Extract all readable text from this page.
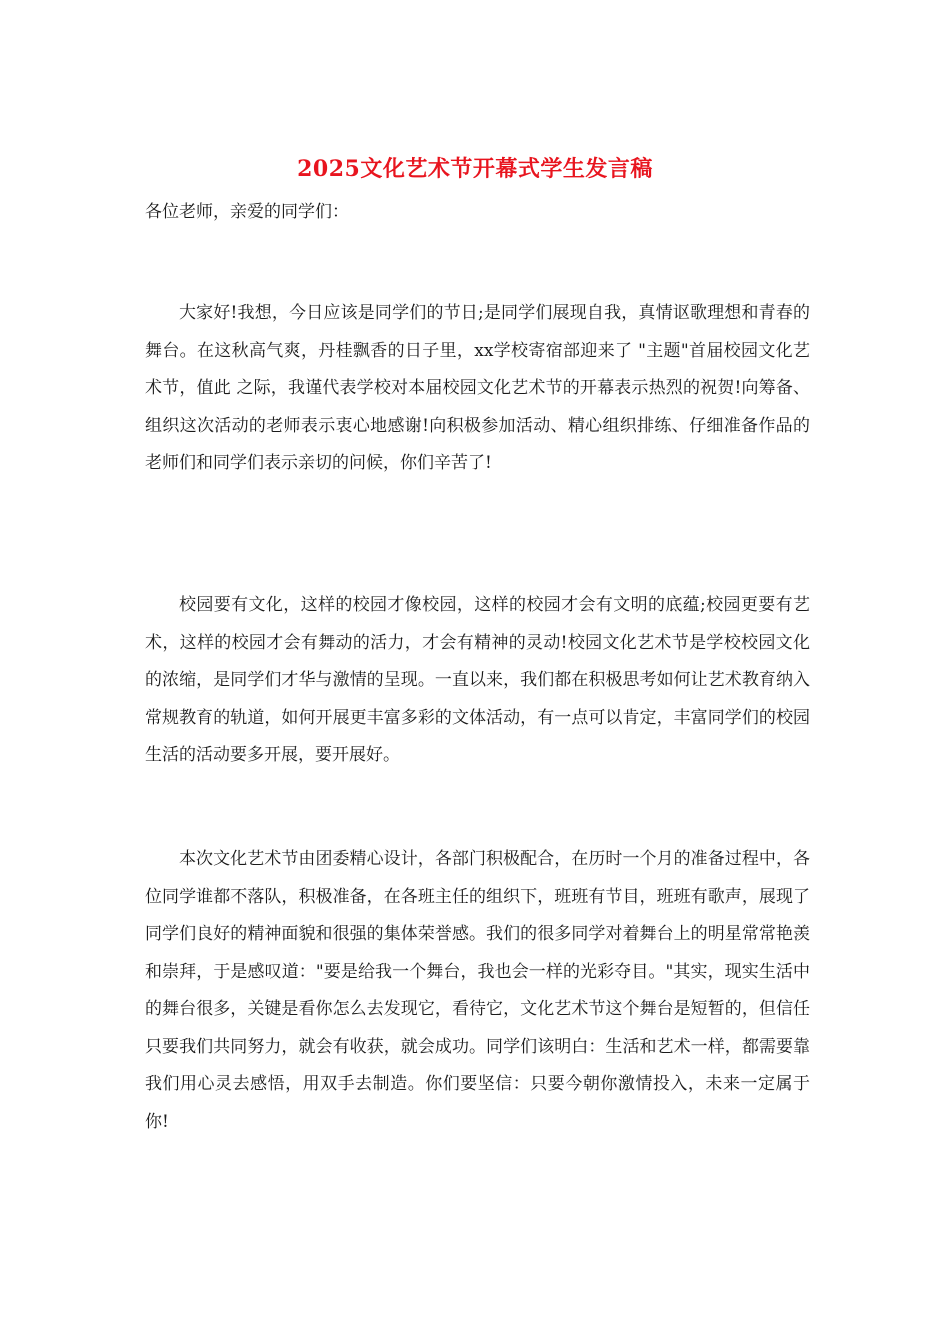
2025文化艺术节开幕式学生发言稿
各位老师，亲爱的同学们：

大家好!我想，今日应该是同学们的节日;是同学们展现自我，真情讴歌理想和青春的舞台。在这秋高气爽，丹桂飘香的日子里，xx学校寄宿部迎来了 "主题"首届校园文化艺术节，值此 之际，我谨代表学校对本届校园文化艺术节的开幕表示热烈的祝贺!向筹备、组织这次活动的老师表示衷心地感谢!向积极参加活动、精心组织排练、仔细准备作品的老师们和同学们表示亲切的问候，你们辛苦了!

校园要有文化，这样的校园才像校园，这样的校园才会有文明的底蕴;校园更要有艺术，这样的校园才会有舞动的活力，才会有精神的灵动!校园文化艺术节是学校校园文化的浓缩，是同学们才华与激情的呈现。一直以来，我们都在积极思考如何让艺术教育纳入常规教育的轨道，如何开展更丰富多彩的文体活动，有一点可以肯定，丰富同学们的校园生活的活动要多开展，要开展好。

本次文化艺术节由团委精心设计，各部门积极配合，在历时一个月的准备过程中，各位同学谁都不落队，积极准备，在各班主任的组织下，班班有节目，班班有歌声，展现了同学们良好的精神面貌和很强的集体荣誉感。我们的很多同学对着舞台上的明星常常艳羡和崇拜，于是感叹道："要是给我一个舞台，我也会一样的光彩夺目。"其实，现实生活中的舞台很多，关键是看你怎么去发现它，看待它，文化艺术节这个舞台是短暂的，但信任只要我们共同努力，就会有收获，就会成功。同学们该明白：生活和艺术一样，都需要靠我们用心灵去感悟，用双手去制造。你们要坚信：只要今朝你激情投入，未来一定属于你!
